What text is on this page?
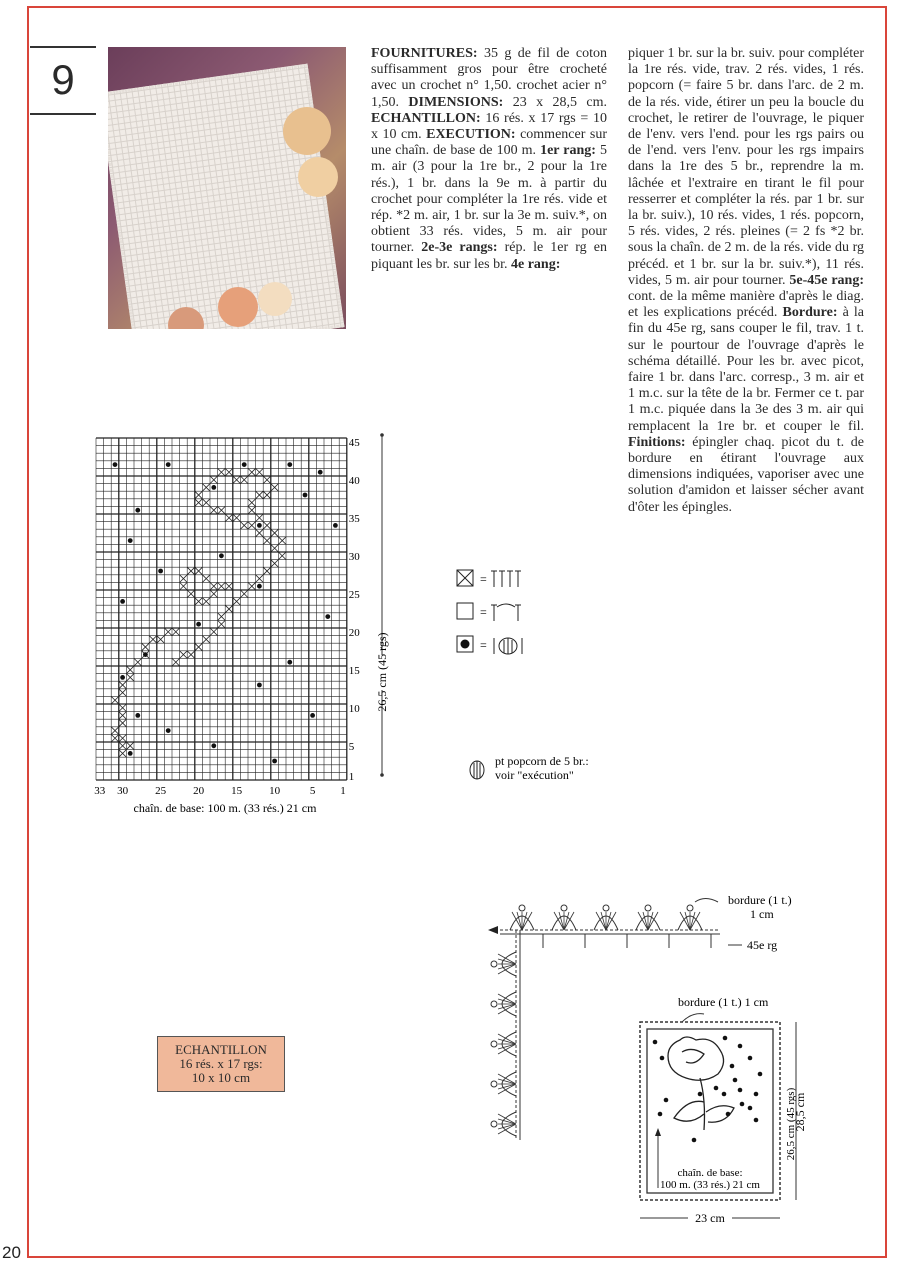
20
9
FOURNITURES: 35 g de fil de coton suffisamment gros pour être crocheté avec un crochet n° 1,50. crochet acier n° 1,50. DIMENSIONS: 23 x 28,5 cm. ECHANTILLON: 16 rés. x 17 rgs = 10 x 10 cm. EXECUTION: commencer sur une chaîn. de base de 100 m. 1er rang: 5 m. air (3 pour la 1re br., 2 pour la 1re rés.), 1 br. dans la 9e m. à partir du crochet pour compléter la 1re rés. vide et rép. *2 m. air, 1 br. sur la 3e m. suiv.*, on obtient 33 rés. vides, 5 m. air pour tourner. 2e-3e rangs: rép. le 1er rg en piquant les br. sur les br. 4e rang:
piquer 1 br. sur la br. suiv. pour compléter la 1re rés. vide, trav. 2 rés. vides, 1 rés. popcorn (= faire 5 br. dans l'arc. de 2 m. de la rés. vide, étirer un peu la boucle du crochet, le retirer de l'ouvrage, le piquer de l'env. vers l'end. pour les rgs pairs ou de l'end. vers l'env. pour les rgs impairs dans la 1re des 5 br., reprendre la m. lâchée et l'extraire en tirant le fil pour resserrer et compléter la rés. par 1 br. sur la br. suiv.), 10 rés. vides, 1 rés. popcorn, 5 rés. vides, 2 rés. pleines (= 2 fs *2 br. sous la chaîn. de 2 m. de la rés. vide du rg précéd. et 1 br. sur la br. suiv.*), 11 rés. vides, 5 m. air pour tourner. 5e-45e rang: cont. de la même manière d'après le diag. et les explications précéd. Bordure: à la fin du 45e rg, sans couper le fil, trav. 1 t. sur le pourtour de l'ouvrage d'après le schéma détaillé. Pour les br. avec picot, faire 1 br. dans l'arc. corresp., 3 m. air et 1 m.c. sur la tête de la br. Fermer ce t. par 1 m.c. piquée dans la 3e des 3 m. air qui remplacent la 1re br. et couper le fil. Finitions: épingler chaq. picot du t. de bordure en étirant l'ouvrage aux dimensions indiquées, vaporiser avec une solution d'amidon et laisser sécher avant d'ôter les épingles.
1
5
10
15
20
25
30
35
40
45
33 30 25 20 15 10	5 1
26,5 cm (45 rgs)
chaîn. de base: 100 m. (33 rés.) 21 cm
=
=
=
pt popcorn de 5 br.:
voir "exécution"
ECHANTILLON
16 rés. x 17 rgs:
10 x 10 cm
bordure (1 t.)
1 cm
45e rg
bordure (1 t.) 1 cm
26,5 cm (45 rgs)
chaîn. de base:
100 m. (33 rés.) 21 cm
28,5 cm
23 cm
